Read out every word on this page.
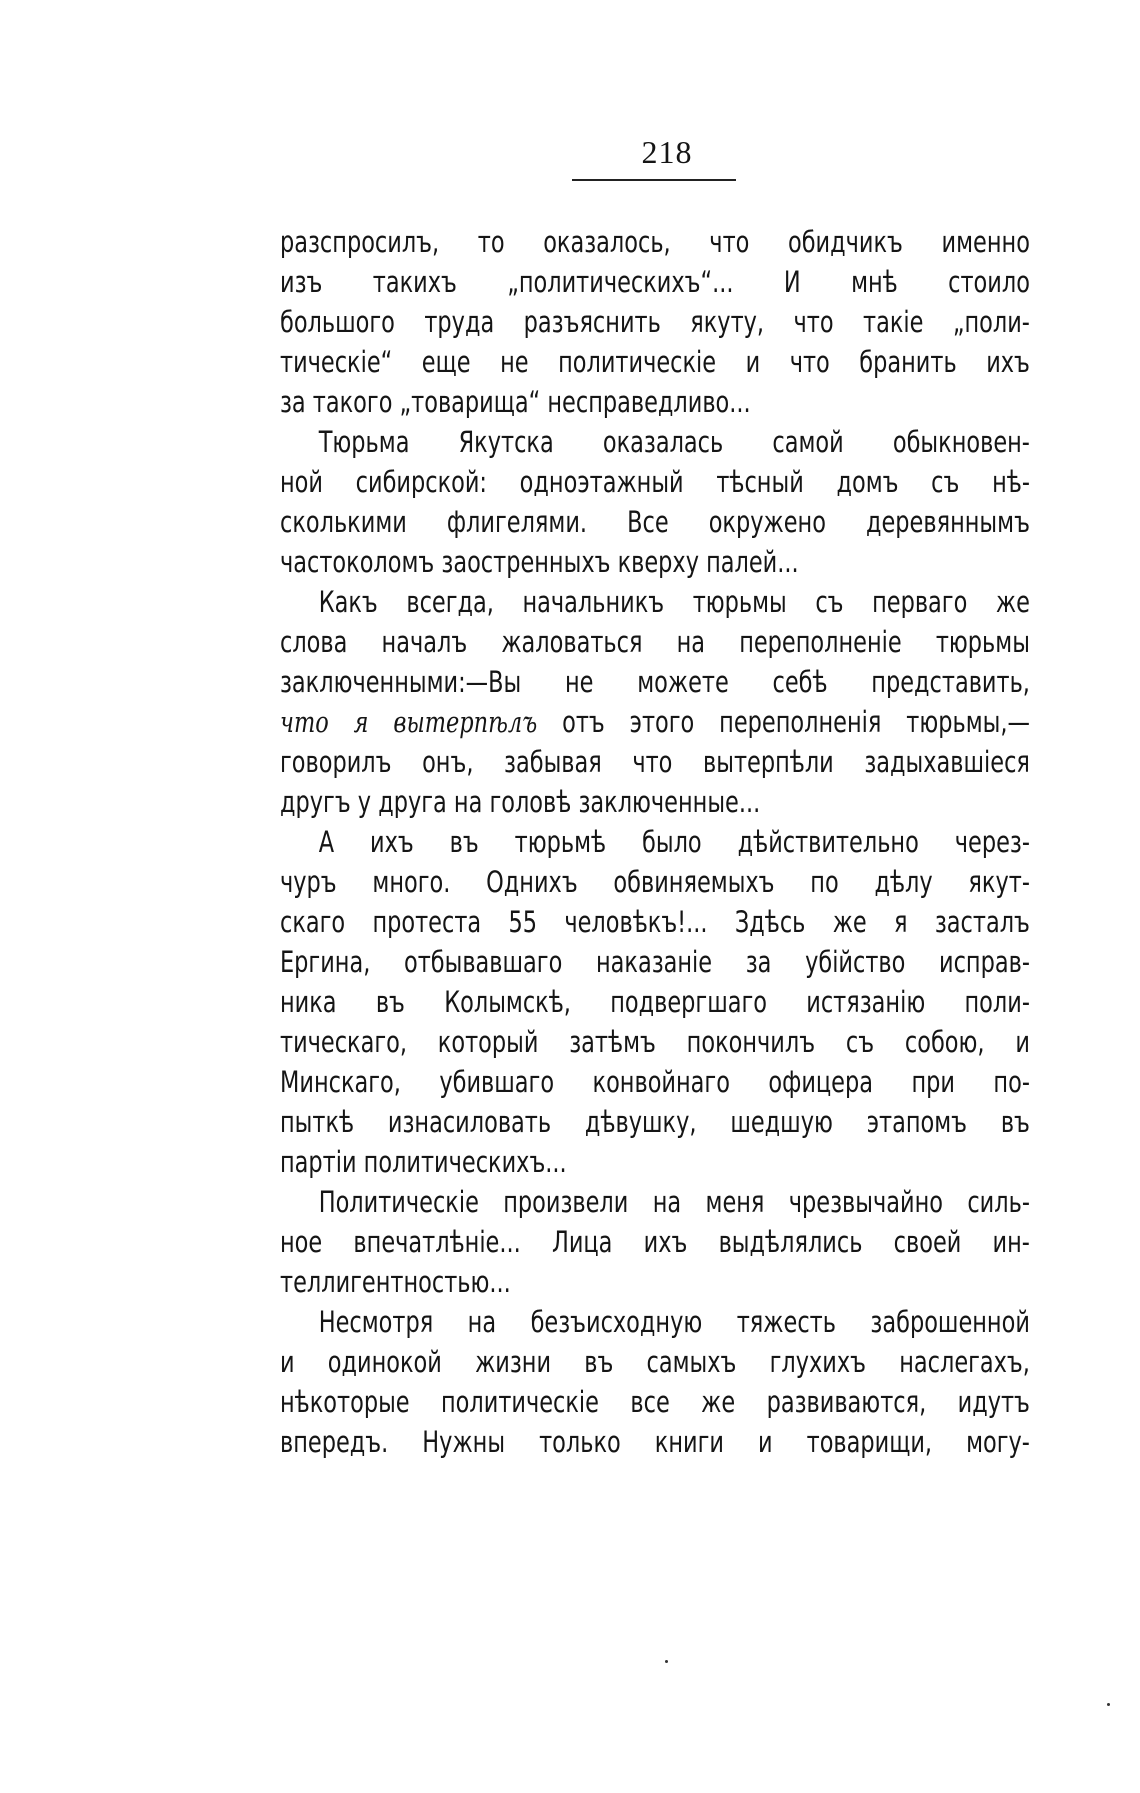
218
разспросилъ, то оказалось, что обидчикъ именно
изъ такихъ „политическихъ“... И мнѣ стоило
большого труда разъяснить якуту, что такіе „поли-
тическіе“ еще не политическіе и что бранить ихъ
за такого „товарища“ несправедливо...
Тюрьма Якутска оказалась самой обыкновен-
ной сибирской: одноэтажный тѣсный домъ съ нѣ-
сколькими флигелями. Все окружено деревяннымъ
частоколомъ заостренныхъ кверху палей...
Какъ всегда, начальникъ тюрьмы съ перваго же
слова началъ жаловаться на переполненіе тюрьмы
заключенными:—Вы не можете себѣ представить,
что я вытерпѣлъ отъ этого переполненія тюрьмы,—
говорилъ онъ, забывая что вытерпѣли задыхавшіеся
другъ у друга на головѣ заключенные...
А ихъ въ тюрьмѣ было дѣйствительно через-
чуръ много. Однихъ обвиняемыхъ по дѣлу якут-
скаго протеста 55 человѣкъ!... Здѣсь же я засталъ
Ергина, отбывавшаго наказаніе за убійство исправ-
ника въ Колымскѣ, подвергшаго истязанію поли-
тическаго, который затѣмъ покончилъ съ собою, и
Минскаго, убившаго конвойнаго офицера при по-
пыткѣ изнасиловать дѣвушку, шедшую этапомъ въ
партіи политическихъ...
Политическіе произвели на меня чрезвычайно силь-
ное впечатлѣніе... Лица ихъ выдѣлялись своей ин-
теллигентностью...
Несмотря на безъисходную тяжесть заброшенной
и одинокой жизни въ самыхъ глухихъ наслегахъ,
нѣкоторые политическіе все же развиваются, идутъ
впередъ. Нужны только книги и товарищи, могу-
